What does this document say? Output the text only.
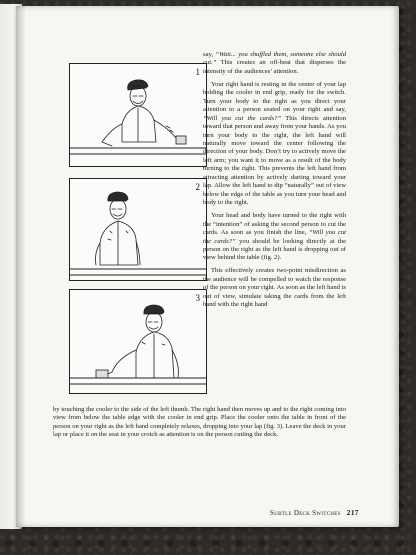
1
2
3

say, “Wait... you shuffled them, someone else should cut.” This creates an off-beat that disperses the intensity of the audiences’ attention.

Your right hand is resting in the center of your lap holding the cooler in end grip, ready for the switch. Turn your body to the right as you direct your attention to a person seated on your right and say, “Will you cut the cards?” This directs attention toward that person and away from your hands. As you turn your body to the right, the left hand will naturally move toward the center following the direction of your body. Don’t try to actively move the left arm; you want it to move as a result of the body turning to the right. This prevents the left hand from attracting attention by actively darting toward your lap. Allow the left hand to dip “naturally” out of view below the edge of the table as you turn your head and body to the right.

Your head and body have turned to the right with the “intention” of asking the second person to cut the cards. As soon as you finish the line, “Will you cut the cards?” you should be looking directly at the person on the right as the left hand is dropping out of view behind the table (fig. 2).

This effectively creates two-point misdirection as the audience will be compelled to watch the response of the person on your right. As soon as the left hand is out of view, simulate taking the cards from the left hand with the right hand

by touching the cooler to the side of the left thumb. The right hand then moves up and to the right coming into view from below the table edge with the cooler in end grip. Place the cooler onto the table in front of the person on your right as the left hand completely relaxes, dropping into your lap (fig. 3). Leave the deck in your lap or place it on the seat in your crotch as attention is on the person cutting the deck.
Subtle Deck Switches 217
